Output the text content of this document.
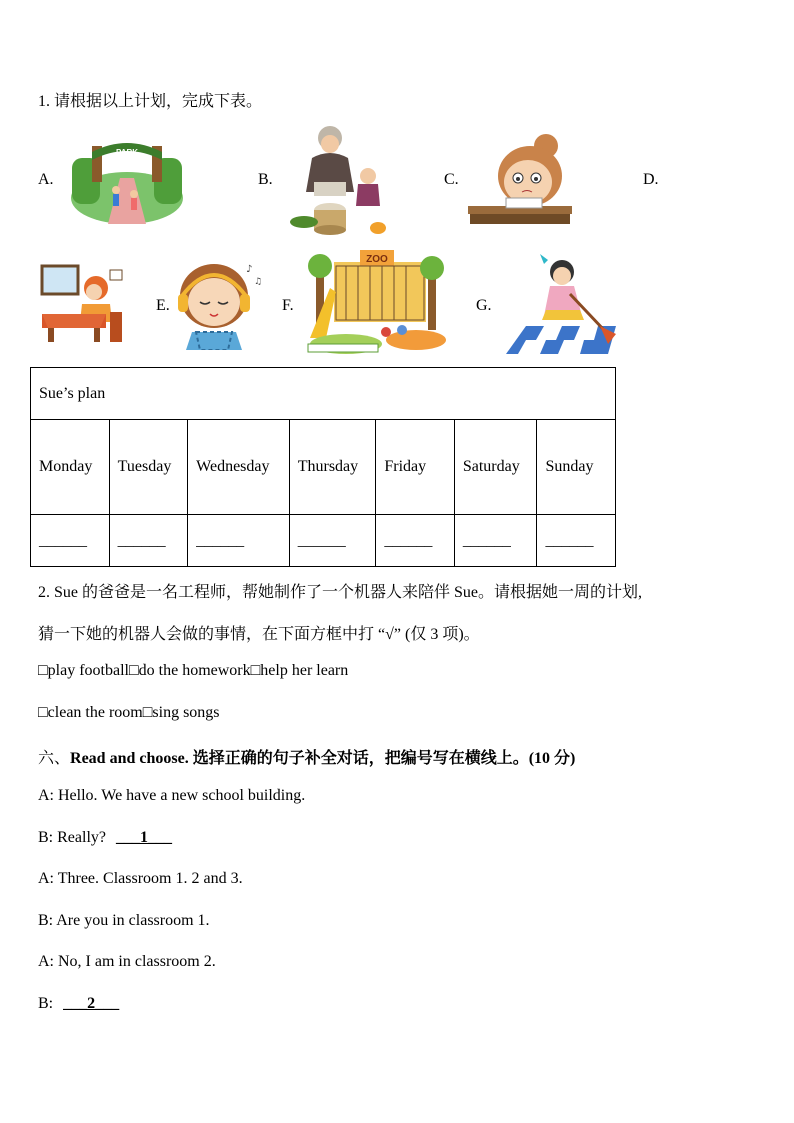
1. 请根据以上计划，完成下表。
A.
PARK
B.	C.	D.
E.
♪
♫
F.
ZOO
G.
Sue’s plan						
Monday	Tuesday	Wednesday	Thursday	Friday	Saturday	Sunday
______	______	______	______	______	______	______
2. Sue 的爸爸是一名工程师，帮她制作了一个机器人来陪伴 Sue。请根据她一周的计划,
猜一下她的机器人会做的事情，在下面方框中打 “√” (仅 3 项)。
□play football□do the homework□help her learn
□clean the room□sing songs
六、Read and choose. 选择正确的句子补全对话，把编号写在横线上。(10 分)
A: Hello. We have a new school building.
B: Really? ___1___
A: Three. Classroom 1. 2 and 3.
B: Are you in classroom 1.
A: No, I am in classroom 2.
B: ___2___
